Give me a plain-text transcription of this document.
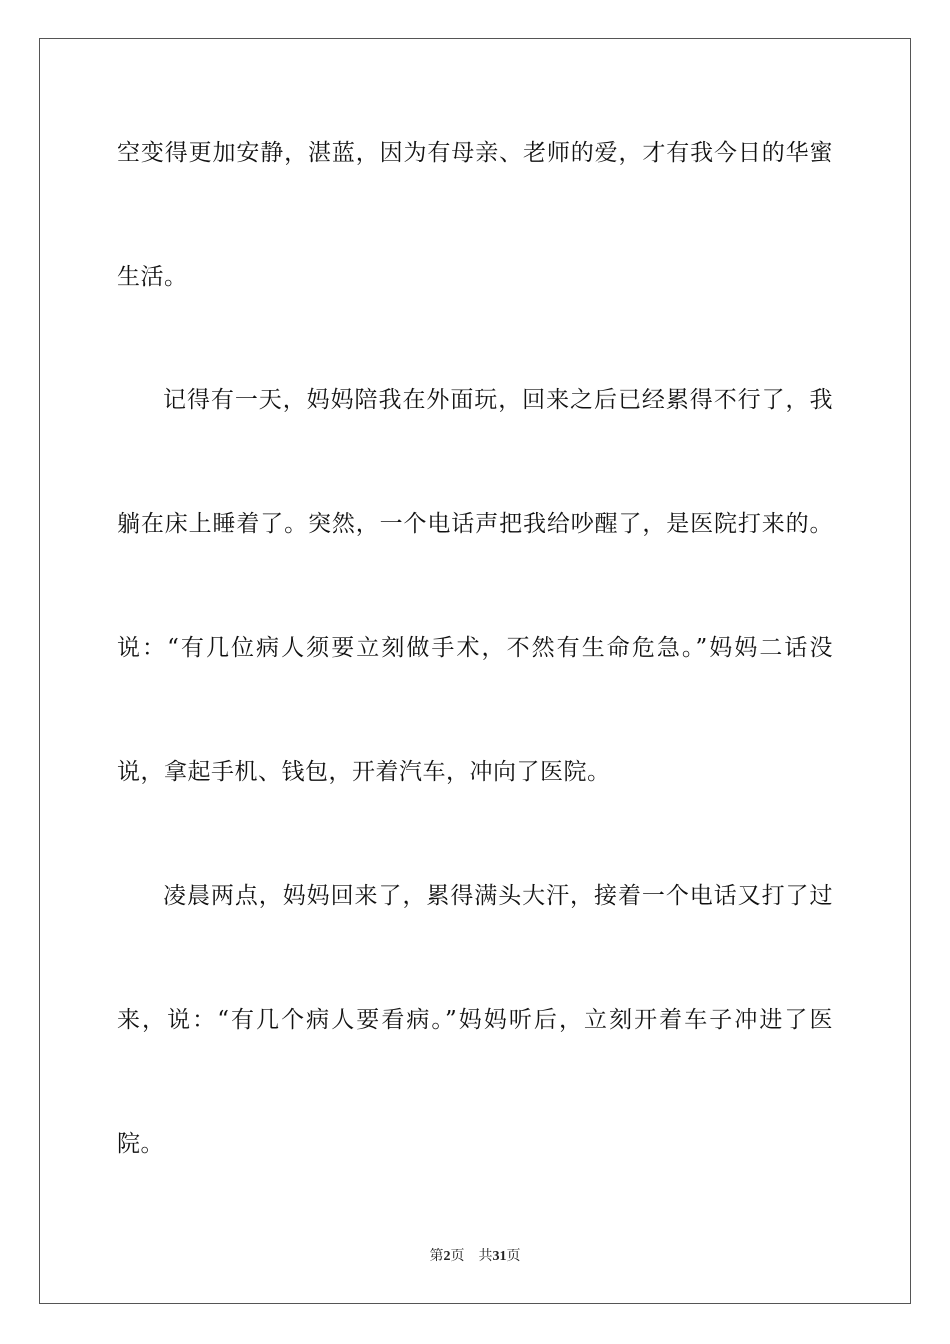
空变得更加安静，湛蓝，因为有母亲、老师的爱，才有我今日的华蜜
生活。
记得有一天，妈妈陪我在外面玩，回来之后已经累得不行了，我
躺在床上睡着了。突然，一个电话声把我给吵醒了，是医院打来的。
说：“有几位病人须要立刻做手术，不然有生命危急。”妈妈二话没
说，拿起手机、钱包，开着汽车，冲向了医院。
凌晨两点，妈妈回来了，累得满头大汗，接着一个电话又打了过
来，说：“有几个病人要看病。”妈妈听后，立刻开着车子冲进了医
院。
第2页 共31页
